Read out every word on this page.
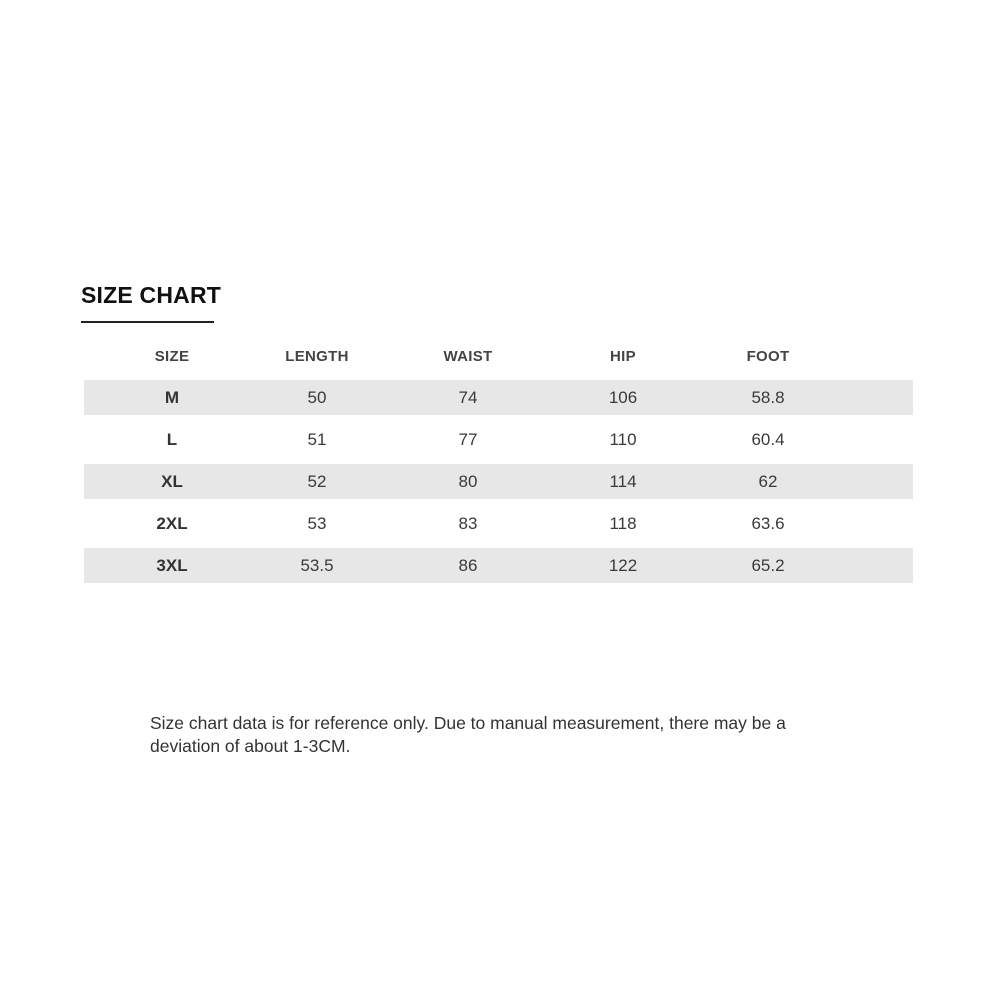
SIZE CHART
SIZE	LENGTH	WAIST	HIP	FOOT
M	50	74	106	58.8
L	51	77	110	60.4
XL	52	80	114	62
2XL	53	83	118	63.6
3XL	53.5	86	122	65.2
Size chart data is for reference only. Due to manual measurement, there may be a deviation of about 1-3CM.
